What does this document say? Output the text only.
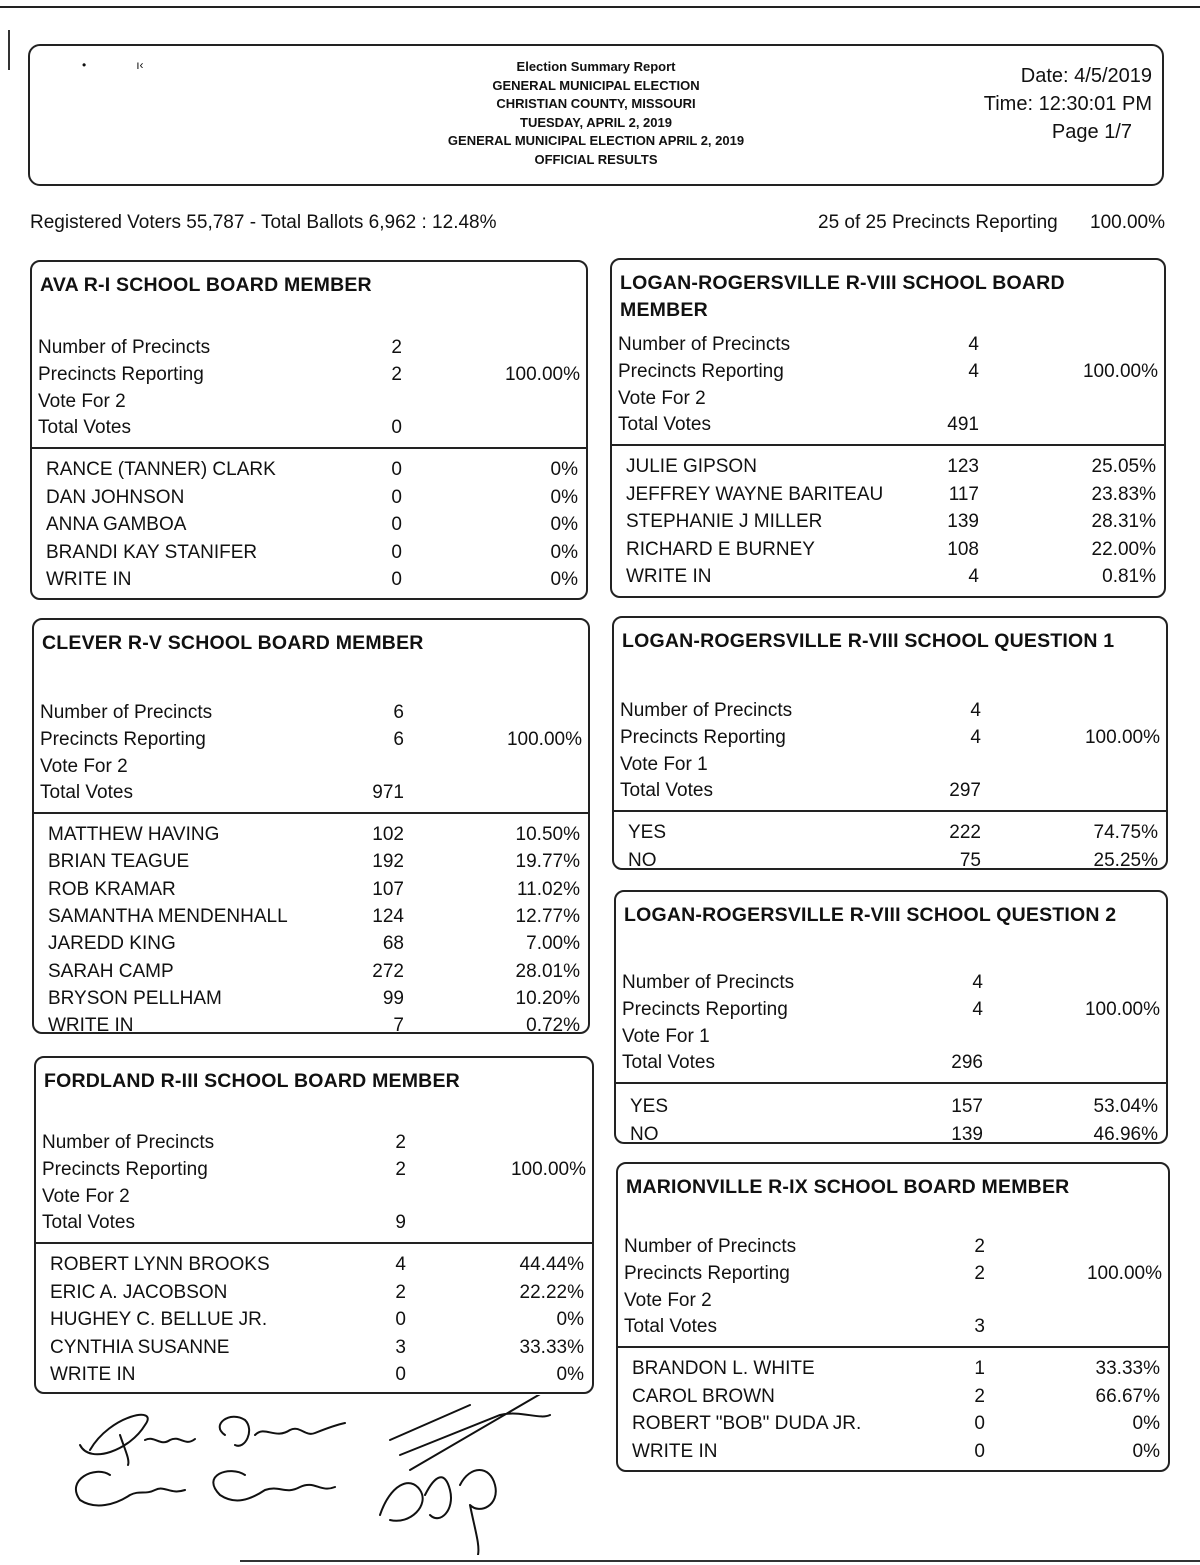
•               ı‹	Election Summary Report
GENERAL MUNICIPAL ELECTION
CHRISTIAN COUNTY, MISSOURI
TUESDAY, APRIL 2, 2019
GENERAL MUNICIPAL ELECTION APRIL 2, 2019
OFFICIAL RESULTS
Date: 4/5/2019
Time: 12:30:01 PM
Page 1/7
Registered Voters 55,787 - Total Ballots 6,962 : 12.48%	25 of 25 Precincts Reporting 100.00%
AVA R-I SCHOOL BOARD MEMBER
Number of Precincts	2
Precincts Reporting	2	100.00%
Vote For 2
Total Votes	0
RANCE (TANNER) CLARK	0	0%
DAN JOHNSON	0	0%
ANNA GAMBOA	0	0%
BRANDI KAY STANIFER	0	0%
WRITE IN	0	0%
CLEVER R-V SCHOOL BOARD MEMBER
Number of Precincts	6
Precincts Reporting	6	100.00%
Vote For 2
Total Votes	971
MATTHEW HAVING	102	10.50%
BRIAN TEAGUE	192	19.77%
ROB KRAMAR	107	11.02%
SAMANTHA MENDENHALL	124	12.77%
JAREDD KING	68	7.00%
SARAH CAMP	272	28.01%
BRYSON PELLHAM	99	10.20%
WRITE IN	7	0.72%
FORDLAND R-III SCHOOL BOARD MEMBER
Number of Precincts	2
Precincts Reporting	2	100.00%
Vote For 2
Total Votes	9
ROBERT LYNN BROOKS	4	44.44%
ERIC A. JACOBSON	2	22.22%
HUGHEY C. BELLUE JR.	0	0%
CYNTHIA SUSANNE	3	33.33%
WRITE IN	0	0%
LOGAN-ROGERSVILLE R-VIII SCHOOL BOARD
MEMBER
Number of Precincts	4
Precincts Reporting	4	100.00%
Vote For 2
Total Votes	491
JULIE GIPSON	123	25.05%
JEFFREY WAYNE BARITEAU	117	23.83%
STEPHANIE J MILLER	139	28.31%
RICHARD E BURNEY	108	22.00%
WRITE IN	4	0.81%
LOGAN-ROGERSVILLE R-VIII SCHOOL QUESTION 1
Number of Precincts	4
Precincts Reporting	4	100.00%
Vote For 1
Total Votes	297
YES	222	74.75%
NO	75	25.25%
LOGAN-ROGERSVILLE R-VIII SCHOOL QUESTION 2
Number of Precincts	4
Precincts Reporting	4	100.00%
Vote For 1
Total Votes	296
YES	157	53.04%
NO	139	46.96%
MARIONVILLE R-IX SCHOOL BOARD MEMBER
Number of Precincts	2
Precincts Reporting	2	100.00%
Vote For 2
Total Votes	3
BRANDON L. WHITE	1	33.33%
CAROL BROWN	2	66.67%
ROBERT "BOB" DUDA JR.	0	0%
WRITE IN	0	0%
